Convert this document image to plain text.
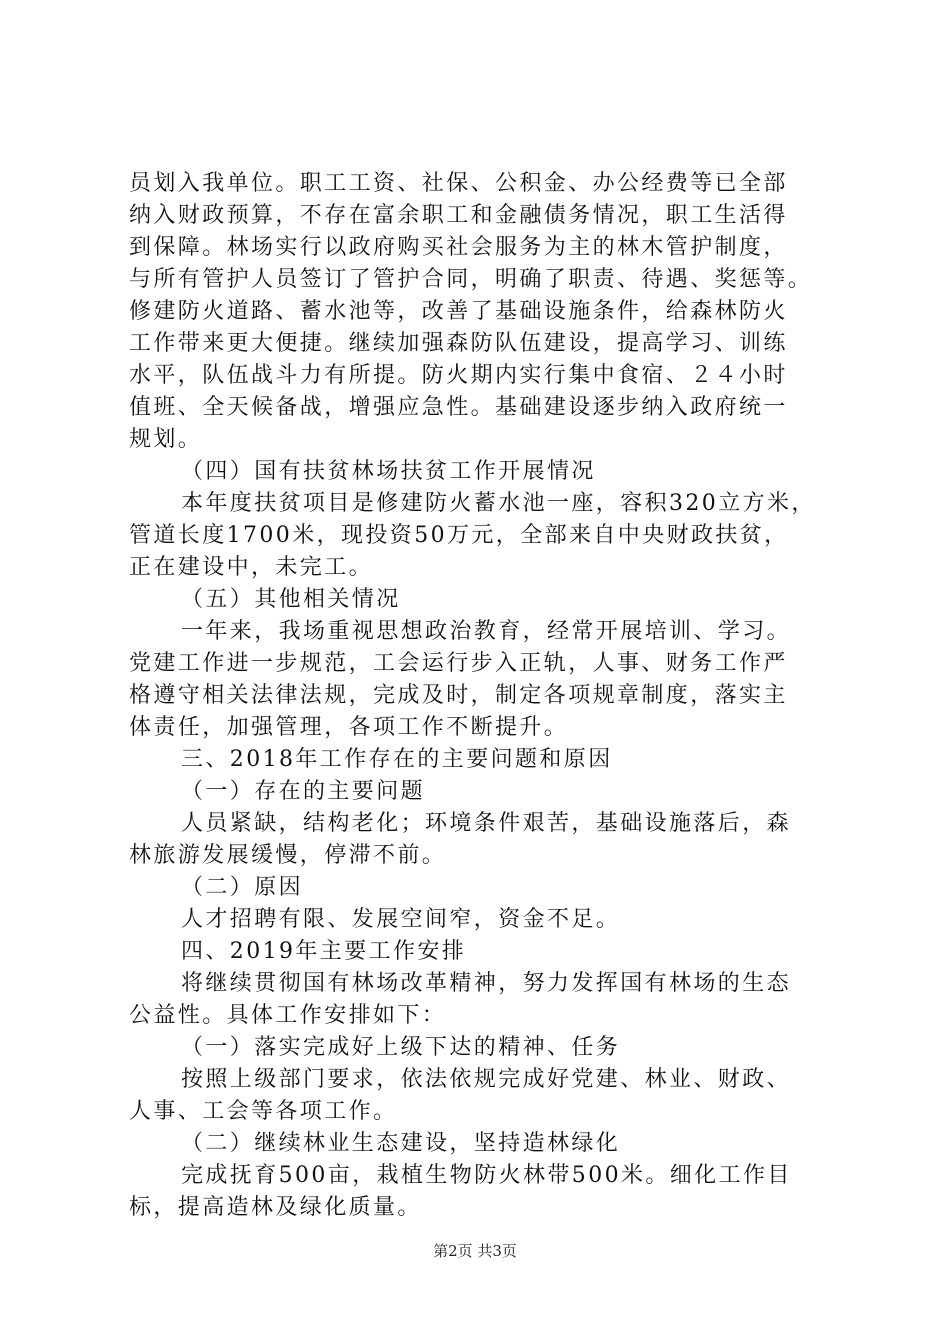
员划入我单位。职工工资、社保、公积金、办公经费等已全部
纳入财政预算，不存在富余职工和金融债务情况，职工生活得
到保障。林场实行以政府购买社会服务为主的林木管护制度，
与所有管护人员签订了管护合同，明确了职责、待遇、奖惩等。
修建防火道路、蓄水池等，改善了基础设施条件，给森林防火
工作带来更大便捷。继续加强森防队伍建设，提高学习、训练
水平，队伍战斗力有所提。防火期内实行集中食宿、２４小时
值班、全天候备战，增强应急性。基础建设逐步纳入政府统一
规划。
（四）国有扶贫林场扶贫工作开展情况
本年度扶贫项目是修建防火蓄水池一座，容积320立方米，
管道长度1700米，现投资50万元，全部来自中央财政扶贫，
正在建设中，未完工。
（五）其他相关情况
一年来，我场重视思想政治教育，经常开展培训、学习。
党建工作进一步规范，工会运行步入正轨，人事、财务工作严
格遵守相关法律法规，完成及时，制定各项规章制度，落实主
体责任，加强管理，各项工作不断提升。
三、2018年工作存在的主要问题和原因
（一）存在的主要问题
人员紧缺，结构老化；环境条件艰苦，基础设施落后，森
林旅游发展缓慢，停滞不前。
（二）原因
人才招聘有限、发展空间窄，资金不足。
四、2019年主要工作安排
将继续贯彻国有林场改革精神，努力发挥国有林场的生态
公益性。具体工作安排如下：
（一）落实完成好上级下达的精神、任务
按照上级部门要求，依法依规完成好党建、林业、财政、
人事、工会等各项工作。
（二）继续林业生态建设，坚持造林绿化
完成抚育500亩，栽植生物防火林带500米。细化工作目
标，提高造林及绿化质量。
第2页 共3页
